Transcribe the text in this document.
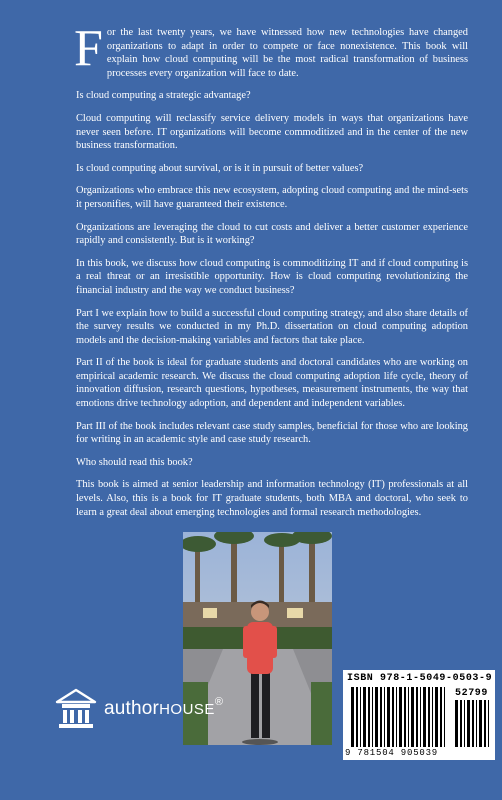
For the last twenty years, we have witnessed how new technologies have changed organizations to adapt in order to compete or face nonexistence. This book will explain how cloud computing will be the most radical transformation of business processes every organization will face to date.

Is cloud computing a strategic advantage?

Cloud computing will reclassify service delivery models in ways that organizations have never seen before. IT organizations will become commoditized and in the center of the new business transformation.

Is cloud computing about survival, or is it in pursuit of better values?

Organizations who embrace this new ecosystem, adopting cloud computing and the mind-sets it personifies, will have guaranteed their existence.

Organizations are leveraging the cloud to cut costs and deliver a better customer experience rapidly and consistently. But is it working?

In this book, we discuss how cloud computing is commoditizing IT and if cloud computing is a real threat or an irresistible opportunity. How is cloud computing revolutionizing the financial industry and the way we conduct business?

Part I we explain how to build a successful cloud computing strategy, and also share details of the survey results we conducted in my Ph.D. dissertation on cloud computing adoption models and the decision-making variables and factors that take place.

Part II of the book is ideal for graduate students and doctoral candidates who are working on empirical academic research. We discuss the cloud computing adoption life cycle, theory of innovation diffusion, research questions, hypotheses, measurement instruments, the way that emotions drive technology adoption, and dependent and independent variables.

Part III of the book includes relevant case study samples, beneficial for those who are looking for writing in an academic style and case study research.

Who should read this book?

This book is aimed at senior leadership and information technology (IT) professionals at all levels. Also, this is a book for IT graduate students, both MBA and doctoral, who seek to learn a great deal about emerging technologies and formal research methodologies.

authorHOUSE®
ISBN 978-1-5049-0503-9
52799
9 781504 905039
